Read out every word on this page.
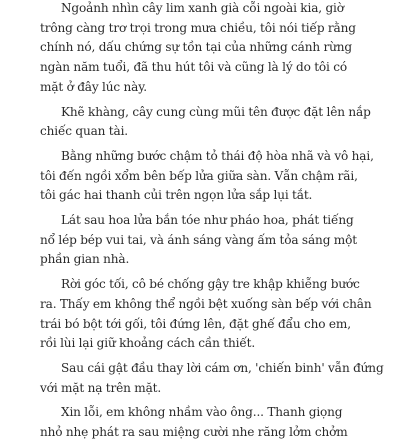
Ngoảnh nhìn cây lim xanh già cỗi ngoài kia, giờ
trông càng trơ trọi trong mưa chiều, tôi nói tiếp rằng
chính nó, dấu chứng sự tồn tại của những cánh rừng
ngàn năm tuổi, đã thu hút tôi và cũng là lý do tôi có
mặt ở đây lúc này.
Khẽ khàng, cây cung cùng mũi tên được đặt lên nắp
chiếc quan tài.
Bằng những bước chậm tỏ thái độ hòa nhã và vô hại,
tôi đến ngồi xổm bên bếp lửa giữa sàn. Vẫn chậm rãi,
tôi gác hai thanh củi trên ngọn lửa sắp lụi tắt.
Lát sau hoa lửa bắn tóe như pháo hoa, phát tiếng
nổ lép bép vui tai, và ánh sáng vàng ấm tỏa sáng một
phần gian nhà.
Rời góc tối, cô bé chống gậy tre khập khiễng bước
ra. Thấy em không thể ngồi bệt xuống sàn bếp với chân
trái bó bột tới gối, tôi đứng lên, đặt ghế đẩu cho em,
rồi lùi lại giữ khoảng cách cần thiết.
Sau cái gật đầu thay lời cám ơn, 'chiến binh' vẫn đứng
với mặt nạ trên mặt.
Xin lỗi, em không nhầm vào ông... Thanh giọng
nhỏ nhẹ phát ra sau miệng cười nhe răng lởm chởm
